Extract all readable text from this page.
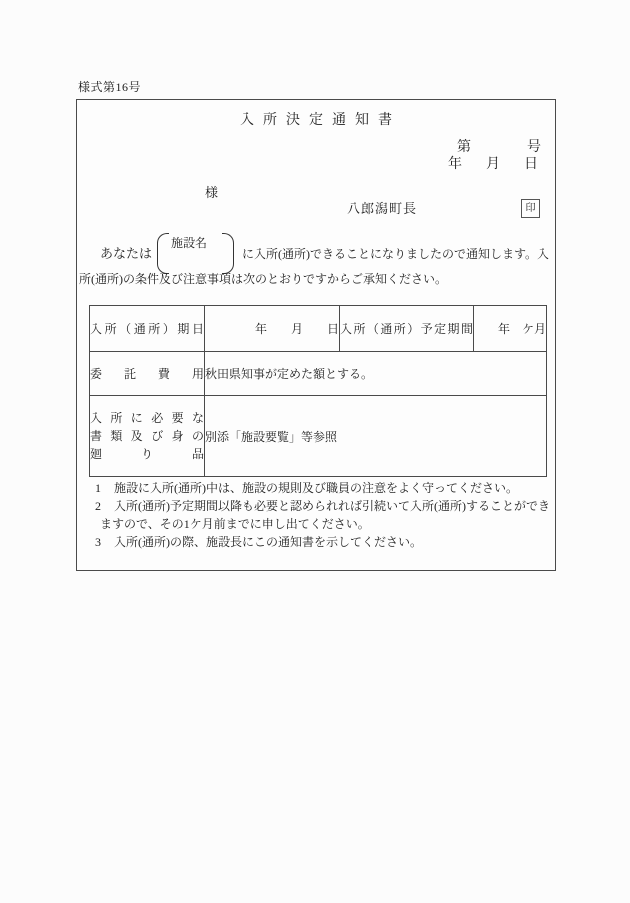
様式第16号
入所決定通知書
第　　　　号
年　月　日
様
八郎潟町長	印
あなたは
施設名
に入所(通所)できることになりましたので通知します。入
所(通所)の条件及び注意事項は次のとおりですからご承知ください。
入所（通所）期日	年　　月　　日	入所（通所）予定期間	年　ケ月

委託費用	秋田県知事が定めた額とする。		

入所に必要な
書類及び身の
廻り品	別添「施設要覧」等参照		
1 施設に入所(通所)中は、施設の規則及び職員の注意をよく守ってください。
2 入所(通所)予定期間以降も必要と認められれば引続いて入所(通所)することができ
ますので、その1ケ月前までに申し出てください。
3 入所(通所)の際、施設長にこの通知書を示してください。
